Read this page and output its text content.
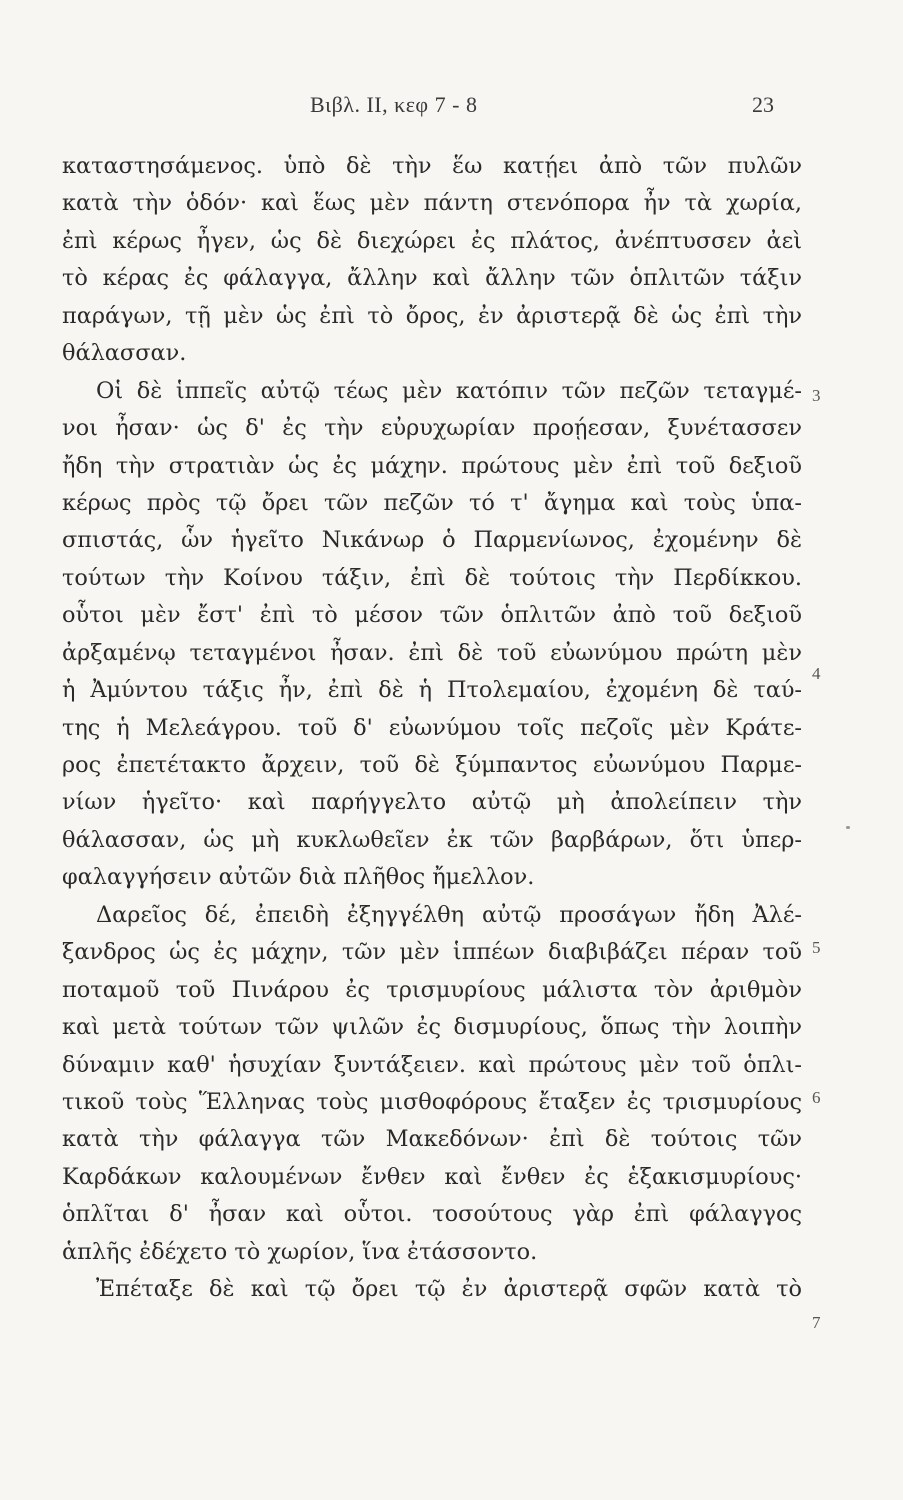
Βιβλ. ΙΙ, κεφ 7 - 8	23
καταστησάμενος. ὑπὸ δὲ τὴν ἕω κατῄει ἀπὸ τῶν πυλῶν
κατὰ τὴν ὁδόν· καὶ ἕως μὲν πάντη στενόπορα ἦν τὰ χωρία,
ἐπὶ κέρως ἦγεν, ὡς δὲ διεχώρει ἐς πλάτος, ἀνέπτυσσεν ἀεὶ
τὸ κέρας ἐς φάλαγγα, ἄλλην καὶ ἄλλην τῶν ὁπλιτῶν τάξιν
παράγων, τῇ μὲν ὡς ἐπὶ τὸ ὄρος, ἐν ἀριστερᾷ δὲ ὡς ἐπὶ τὴν
θάλασσαν.
Οἱ δὲ ἱππεῖς αὐτῷ τέως μὲν κατόπιν τῶν πεζῶν τεταγμέ-
νοι ἦσαν· ὡς δ' ἐς τὴν εὐρυχωρίαν προῄεσαν, ξυνέτασσεν
ἤδη τὴν στρατιὰν ὡς ἐς μάχην. πρώτους μὲν ἐπὶ τοῦ δεξιοῦ
κέρως πρὸς τῷ ὄρει τῶν πεζῶν τό τ' ἄγημα καὶ τοὺς ὑπα-
σπιστάς, ὧν ἡγεῖτο Νικάνωρ ὁ Παρμενίωνος, ἐχομένην δὲ
τούτων τὴν Κοίνου τάξιν, ἐπὶ δὲ τούτοις τὴν Περδίκκου.
οὗτοι μὲν ἔστ' ἐπὶ τὸ μέσον τῶν ὁπλιτῶν ἀπὸ τοῦ δεξιοῦ
ἀρξαμένῳ τεταγμένοι ἦσαν. ἐπὶ δὲ τοῦ εὐωνύμου πρώτη μὲν
ἡ Ἀμύντου τάξις ἦν, ἐπὶ δὲ ἡ Πτολεμαίου, ἐχομένη δὲ ταύ-
της ἡ Μελεάγρου. τοῦ δ' εὐωνύμου τοῖς πεζοῖς μὲν Κράτε-
ρος ἐπετέτακτο ἄρχειν, τοῦ δὲ ξύμπαντος εὐωνύμου Παρμε-
νίων ἡγεῖτο· καὶ παρήγγελτο αὐτῷ μὴ ἀπολείπειν τὴν
θάλασσαν, ὡς μὴ κυκλωθεῖεν ἐκ τῶν βαρβάρων, ὅτι ὑπερ-
φαλαγγήσειν αὐτῶν διὰ πλῆθος ἤμελλον.
Δαρεῖος δέ, ἐπειδὴ ἐξηγγέλθη αὐτῷ προσάγων ἤδη Ἀλέ-
ξανδρος ὡς ἐς μάχην, τῶν μὲν ἱππέων διαβιβάζει πέραν τοῦ
ποταμοῦ τοῦ Πινάρου ἐς τρισμυρίους μάλιστα τὸν ἀριθμὸν
καὶ μετὰ τούτων τῶν ψιλῶν ἐς δισμυρίους, ὅπως τὴν λοιπὴν
δύναμιν καθ' ἡσυχίαν ξυντάξειεν. καὶ πρώτους μὲν τοῦ ὁπλι-
τικοῦ τοὺς Ἕλληνας τοὺς μισθοφόρους ἔταξεν ἐς τρισμυρίους
κατὰ τὴν φάλαγγα τῶν Μακεδόνων· ἐπὶ δὲ τούτοις τῶν
Καρδάκων καλουμένων ἔνθεν καὶ ἔνθεν ἐς ἑξακισμυρίους·
ὁπλῖται δ' ἦσαν καὶ οὗτοι. τοσούτους γὰρ ἐπὶ φάλαγγος
ἁπλῆς ἐδέχετο τὸ χωρίον, ἵνα ἐτάσσοντο.
Ἐπέταξε δὲ καὶ τῷ ὄρει τῷ ἐν ἀριστερᾷ σφῶν κατὰ τὸ
3
4
5
6
7
